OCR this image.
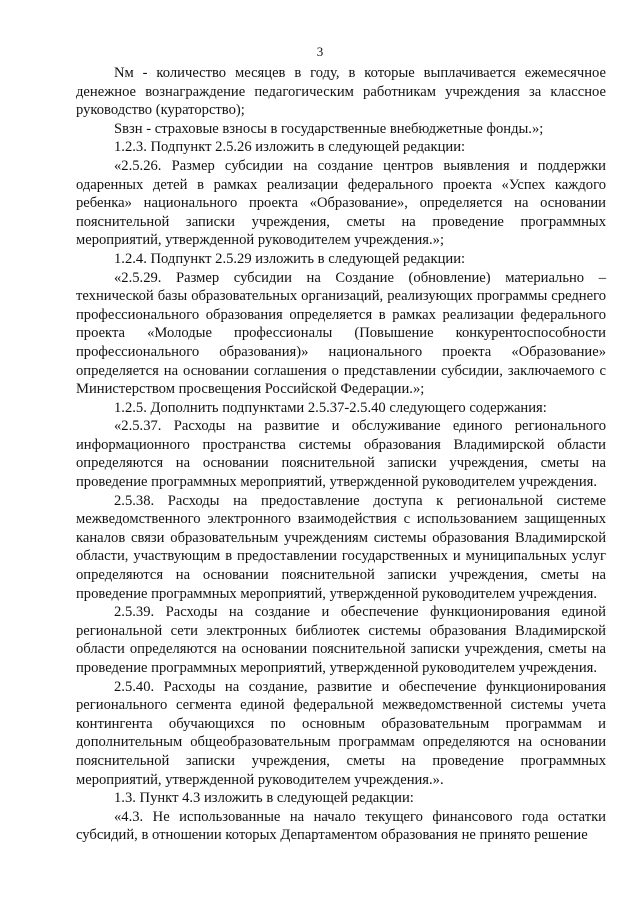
3

Nм - количество месяцев в году, в которые выплачивается ежемесячное денежное вознаграждение педагогическим работникам учреждения за классное руководство (кураторство);

Sвзн - страховые взносы в государственные внебюджетные фонды.»;

1.2.3. Подпункт 2.5.26 изложить в следующей редакции:

«2.5.26. Размер субсидии на создание центров выявления и поддержки одаренных детей в рамках реализации федерального проекта «Успех каждого ребенка» национального проекта «Образование», определяется на основании пояснительной записки учреждения, сметы на проведение программных мероприятий, утвержденной руководителем учреждения.»;

1.2.4. Подпункт 2.5.29 изложить в следующей редакции:

«2.5.29. Размер субсидии на Создание (обновление) материально – технической базы образовательных организаций, реализующих программы среднего профессионального образования определяется в рамках реализации федерального проекта «Молодые профессионалы (Повышение конкурентоспособности профессионального образования)» национального проекта «Образование» определяется на основании соглашения о представлении субсидии, заключаемого с Министерством просвещения Российской Федерации.»;

1.2.5. Дополнить подпунктами 2.5.37-2.5.40 следующего содержания:

«2.5.37. Расходы на развитие и обслуживание единого регионального информационного пространства системы образования Владимирской области определяются на основании пояснительной записки учреждения, сметы на проведение программных мероприятий, утвержденной руководителем учреждения.

2.5.38. Расходы на предоставление доступа к региональной системе межведомственного электронного взаимодействия с использованием защищенных каналов связи образовательным учреждениям системы образования Владимирской области, участвующим в предоставлении государственных и муниципальных услуг определяются на основании пояснительной записки учреждения, сметы на проведение программных мероприятий, утвержденной руководителем учреждения.

2.5.39. Расходы на создание и обеспечение функционирования единой региональной сети электронных библиотек системы образования Владимирской области определяются на основании пояснительной записки учреждения, сметы на проведение программных мероприятий, утвержденной руководителем учреждения.

2.5.40. Расходы на создание, развитие и обеспечение функционирования регионального сегмента единой федеральной межведомственной системы учета контингента обучающихся по основным образовательным программам и дополнительным общеобразовательным программам определяются на основании пояснительной записки учреждения, сметы на проведение программных мероприятий, утвержденной руководителем учреждения.».

1.3. Пункт 4.3 изложить в следующей редакции:

«4.3. Не использованные на начало текущего финансового года остатки субсидий, в отношении которых Департаментом образования не принято решение
